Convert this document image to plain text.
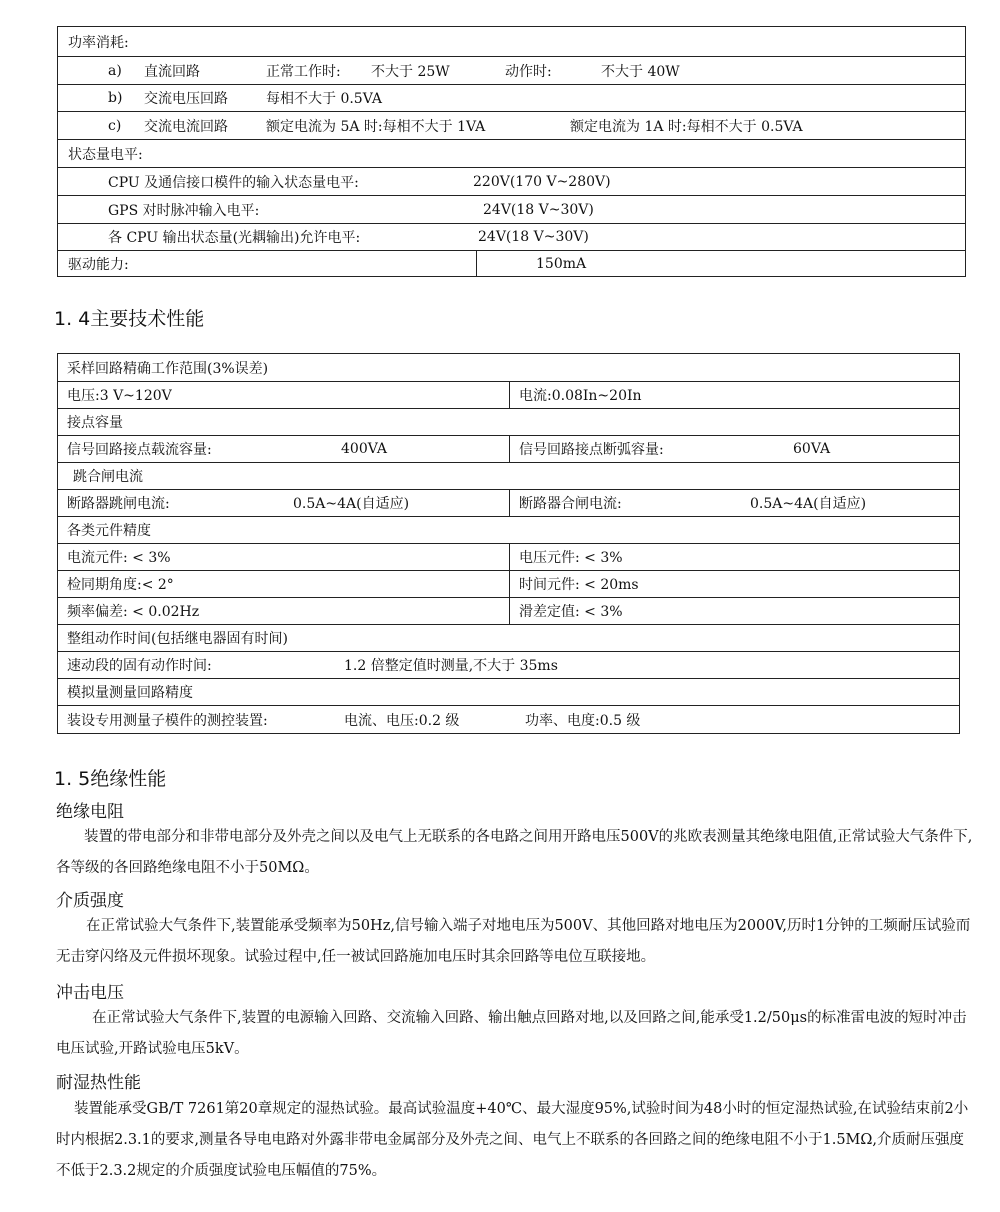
功率消耗:
a) 直流回路	正常工作时: 不大于 25W	动作时:	不大于 40W
b) 交流电压回路	每相不大于 0.5VA
c) 交流电流回路	额定电流为 5A 时:每相不大于 1VA	额定电流为 1A 时:每相不大于 0.5VA
状态量电平:
CPU 及通信接口模件的输入状态量电平:	220V(170 V~280V)
GPS 对时脉冲输入电平:	24V(18 V~30V)
各 CPU 输出状态量(光耦输出)允许电平:	24V(18 V~30V)
驱动能力:	150mA
1. 4主要技术性能
采样回路精确工作范围(3%误差)
电压:3 V~120V	电流:0.08In~20In
接点容量
信号回路接点载流容量:	400VA	信号回路接点断弧容量:	60VA
跳合闸电流
断路器跳闸电流:	0.5A~4A(自适应)	断路器合闸电流:	0.5A~4A(自适应)
各类元件精度
电流元件: < 3%	电压元件: < 3%
检同期角度:< 2°	时间元件: < 20ms
频率偏差: < 0.02Hz	滑差定值: < 3%
整组动作时间(包括继电器固有时间)
速动段的固有动作时间:	1.2 倍整定值时测量,不大于 35ms
模拟量测量回路精度
装设专用测量子模件的测控装置:	电流、电压:0.2 级	功率、电度:0.5 级
1. 5绝缘性能
绝缘电阻

装置的带电部分和非带电部分及外壳之间以及电气上无联系的各电路之间用开路电压500V的兆欧表测量其绝缘电阻值,正常试验大气条件下,各等级的各回路绝缘电阻不小于50MΩ。

介质强度

在正常试验大气条件下,装置能承受频率为50Hz,信号输入端子对地电压为500V、其他回路对地电压为2000V,历时1分钟的工频耐压试验而无击穿闪络及元件损坏现象。试验过程中,任一被试回路施加电压时其余回路等电位互联接地。

冲击电压

在正常试验大气条件下,装置的电源输入回路、交流输入回路、输出触点回路对地,以及回路之间,能承受1.2/50μs的标准雷电波的短时冲击电压试验,开路试验电压5kV。

耐湿热性能

装置能承受GB/T 7261第20章规定的湿热试验。最高试验温度+40℃、最大湿度95%,试验时间为48小时的恒定湿热试验,在试验结束前2小时内根据2.3.1的要求,测量各导电电路对外露非带电金属部分及外壳之间、电气上不联系的各回路之间的绝缘电阻不小于1.5MΩ,介质耐压强度不低于2.3.2规定的介质强度试验电压幅值的75%。
